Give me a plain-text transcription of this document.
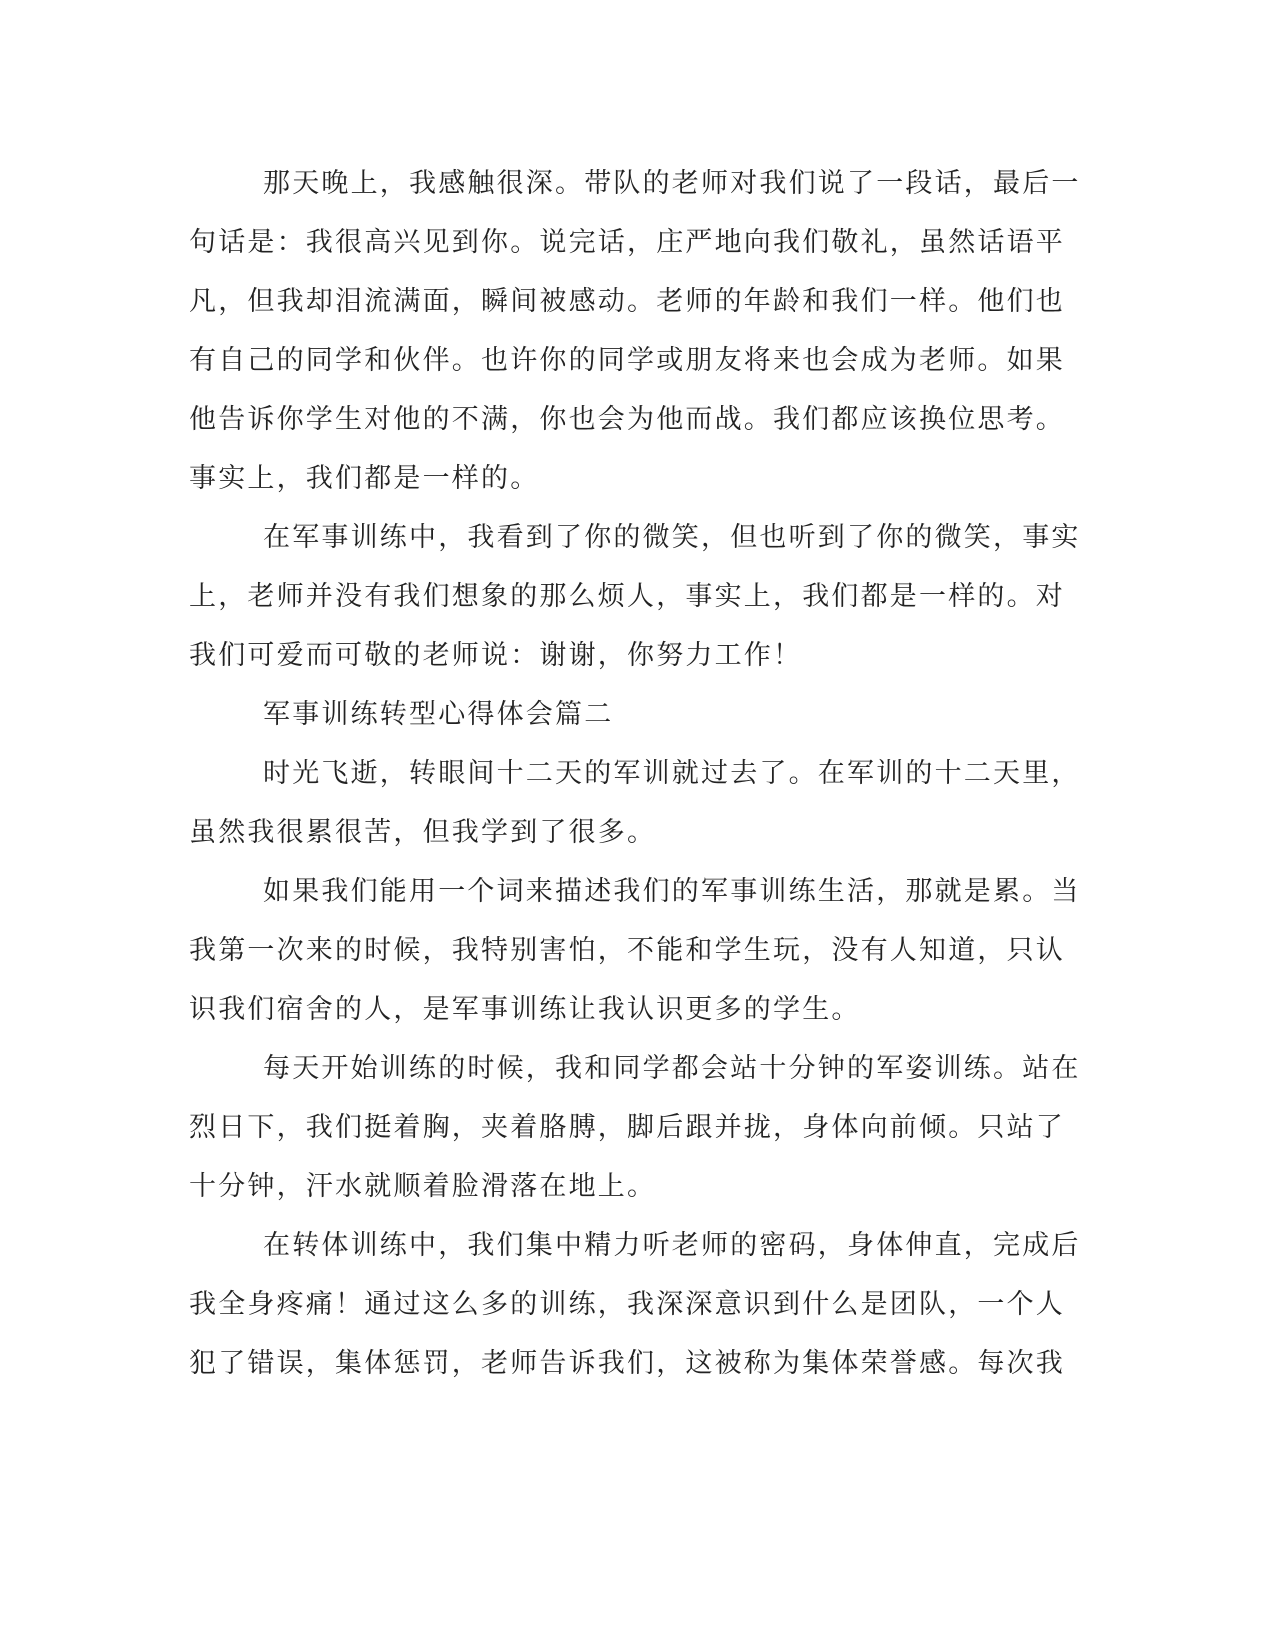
那天晚上，我感触很深。带队的老师对我们说了一段话，最后一
句话是：我很高兴见到你。说完话，庄严地向我们敬礼，虽然话语平
凡，但我却泪流满面，瞬间被感动。老师的年龄和我们一样。他们也
有自己的同学和伙伴。也许你的同学或朋友将来也会成为老师。如果
他告诉你学生对他的不满，你也会为他而战。我们都应该换位思考。
事实上，我们都是一样的。
在军事训练中，我看到了你的微笑，但也听到了你的微笑，事实
上，老师并没有我们想象的那么烦人，事实上，我们都是一样的。对
我们可爱而可敬的老师说：谢谢，你努力工作！
军事训练转型心得体会篇二
时光飞逝，转眼间十二天的军训就过去了。在军训的十二天里，
虽然我很累很苦，但我学到了很多。
如果我们能用一个词来描述我们的军事训练生活，那就是累。当
我第一次来的时候，我特别害怕，不能和学生玩，没有人知道，只认
识我们宿舍的人，是军事训练让我认识更多的学生。
每天开始训练的时候，我和同学都会站十分钟的军姿训练。站在
烈日下，我们挺着胸，夹着胳膊，脚后跟并拢，身体向前倾。只站了
十分钟，汗水就顺着脸滑落在地上。
在转体训练中，我们集中精力听老师的密码，身体伸直，完成后
我全身疼痛！通过这么多的训练，我深深意识到什么是团队，一个人
犯了错误，集体惩罚，老师告诉我们，这被称为集体荣誉感。每次我
